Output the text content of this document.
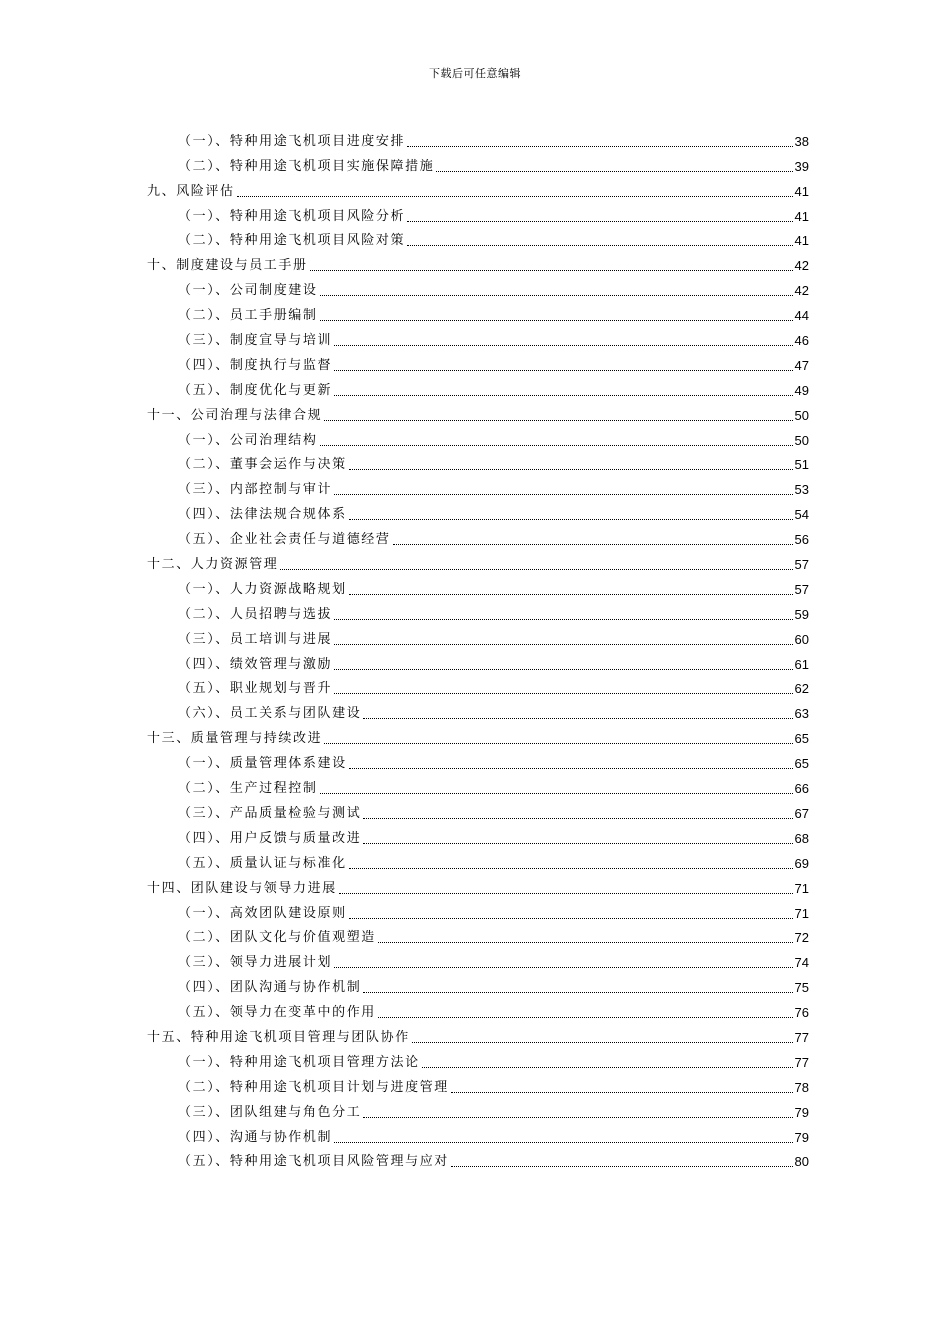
下载后可任意编辑
（一）、特种用途飞机项目进度安排	38
（二）、特种用途飞机项目实施保障措施	39
九、风险评估	41
（一）、特种用途飞机项目风险分析	41
（二）、特种用途飞机项目风险对策	41
十、制度建设与员工手册	42
（一）、公司制度建设	42
（二）、员工手册编制	44
（三）、制度宣导与培训	46
（四）、制度执行与监督	47
（五）、制度优化与更新	49
十一、公司治理与法律合规	50
（一）、公司治理结构	50
（二）、董事会运作与决策	51
（三）、内部控制与审计	53
（四）、法律法规合规体系	54
（五）、企业社会责任与道德经营	56
十二、人力资源管理	57
（一）、人力资源战略规划	57
（二）、人员招聘与选拔	59
（三）、员工培训与进展	60
（四）、绩效管理与激励	61
（五）、职业规划与晋升	62
（六）、员工关系与团队建设	63
十三、质量管理与持续改进	65
（一）、质量管理体系建设	65
（二）、生产过程控制	66
（三）、产品质量检验与测试	67
（四）、用户反馈与质量改进	68
（五）、质量认证与标准化	69
十四、团队建设与领导力进展	71
（一）、高效团队建设原则	71
（二）、团队文化与价值观塑造	72
（三）、领导力进展计划	74
（四）、团队沟通与协作机制	75
（五）、领导力在变革中的作用	76
十五、特种用途飞机项目管理与团队协作	77
（一）、特种用途飞机项目管理方法论	77
（二）、特种用途飞机项目计划与进度管理	78
（三）、团队组建与角色分工	79
（四）、沟通与协作机制	79
（五）、特种用途飞机项目风险管理与应对	80
